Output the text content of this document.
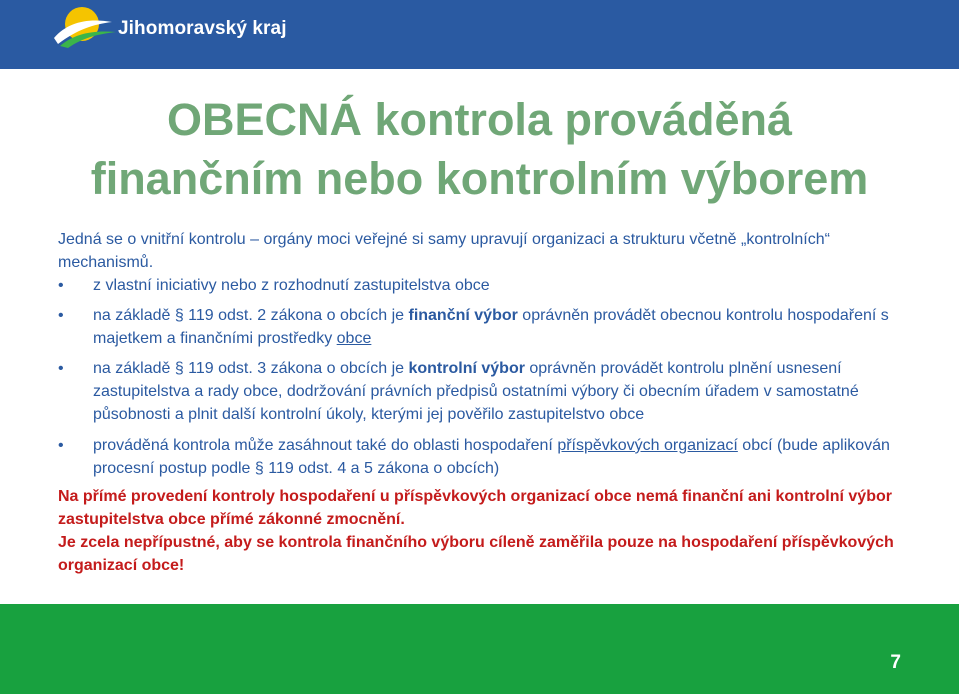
Jihomoravský kraj
OBECNÁ kontrola prováděná
finančním nebo kontrolním výborem

Jedná se o vnitřní kontrolu – orgány moci veřejné si samy upravují organizaci a strukturu včetně „kontrolních“ mechanismů.

• z vlastní iniciativy nebo z rozhodnutí zastupitelstva obce
• na základě § 119 odst. 2 zákona o obcích je finanční výbor oprávněn provádět obecnou kontrolu hospodaření s majetkem a finančními prostředky obce
• na základě § 119 odst. 3 zákona o obcích je kontrolní výbor oprávněn provádět kontrolu plnění usnesení zastupitelstva a rady obce, dodržování právních předpisů ostatními výbory či obecním úřadem v samostatné působnosti a plnit další kontrolní úkoly, kterými jej pověřilo zastupitelstvo obce
• prováděná kontrola může zasáhnout také do oblasti hospodaření příspěvkových organizací obcí (bude aplikován procesní postup podle § 119 odst. 4 a 5 zákona o obcích)

Na přímé provedení kontroly hospodaření u příspěvkových organizací obce nemá finanční ani kontrolní výbor zastupitelstva obce přímé zákonné zmocnění.

Je zcela nepřípustné, aby se kontrola finančního výboru cíleně zaměřila pouze na hospodaření příspěvkových organizací obce!

7
